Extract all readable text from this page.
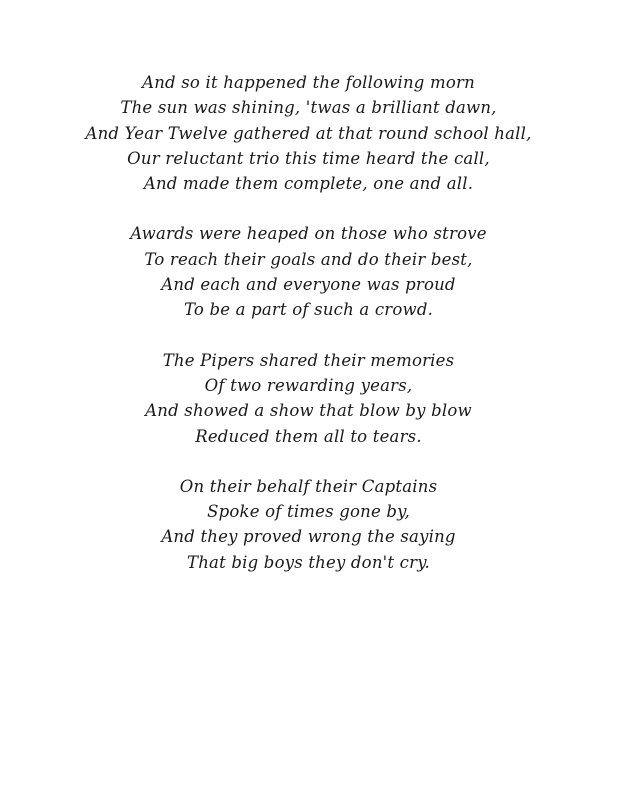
And so it happened the following morn
The sun was shining, 'twas a brilliant dawn,
And Year Twelve gathered at that round school hall,
Our reluctant trio this time heard the call,
And made them complete, one and all.
Awards were heaped on those who strove
To reach their goals and do their best,
And each and everyone was proud
To be a part of such a crowd.
The Pipers shared their memories
Of two rewarding years,
And showed a show that blow by blow
Reduced them all to tears.
On their behalf their Captains
Spoke of times gone by,
And they proved wrong the saying
That big boys they don't cry.
